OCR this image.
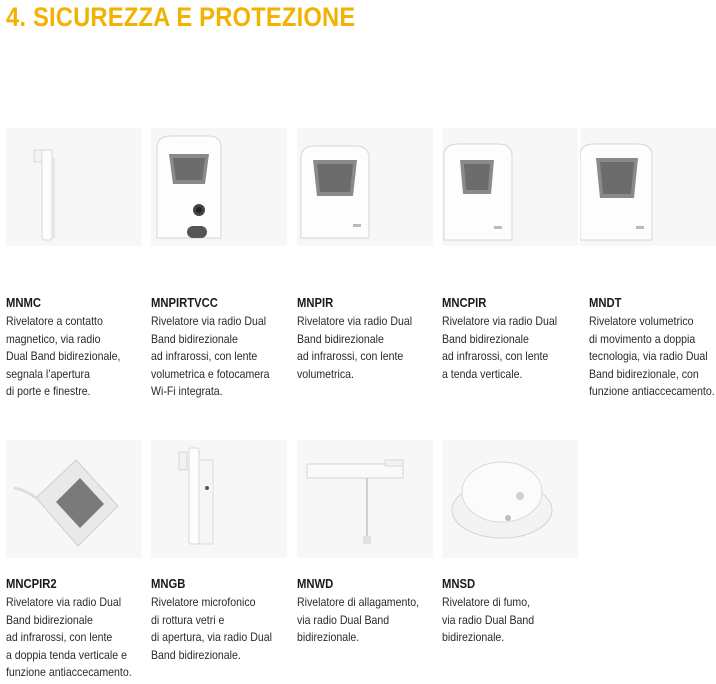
4. SICUREZZA E PROTEZIONE
MNMC
Rivelatore a contatto
magnetico, via radio
Dual Band bidirezionale,
segnala l’apertura
di porte e finestre.
MNPIRTVCC
Rivelatore via radio Dual
Band bidirezionale
ad infrarossi, con lente
volumetrica e fotocamera
Wi-Fi integrata.
MNPIR
Rivelatore via radio Dual
Band bidirezionale
ad infrarossi, con lente
volumetrica.
MNCPIR
Rivelatore via radio Dual
Band bidirezionale
ad infrarossi, con lente
a tenda verticale.
MNDT
Rivelatore volumetrico
di movimento a doppia
tecnologia, via radio Dual
Band bidirezionale, con
funzione antiaccecamento.
MNCPIR2
Rivelatore via radio Dual
Band bidirezionale
ad infrarossi, con lente
a doppia tenda verticale e
funzione antiaccecamento.
MNGB
Rivelatore microfonico
di rottura vetri e
di apertura, via radio Dual
Band bidirezionale.
MNWD
Rivelatore di allagamento,
via radio Dual Band
bidirezionale.
MNSD
Rivelatore di fumo,
via radio Dual Band
bidirezionale.
